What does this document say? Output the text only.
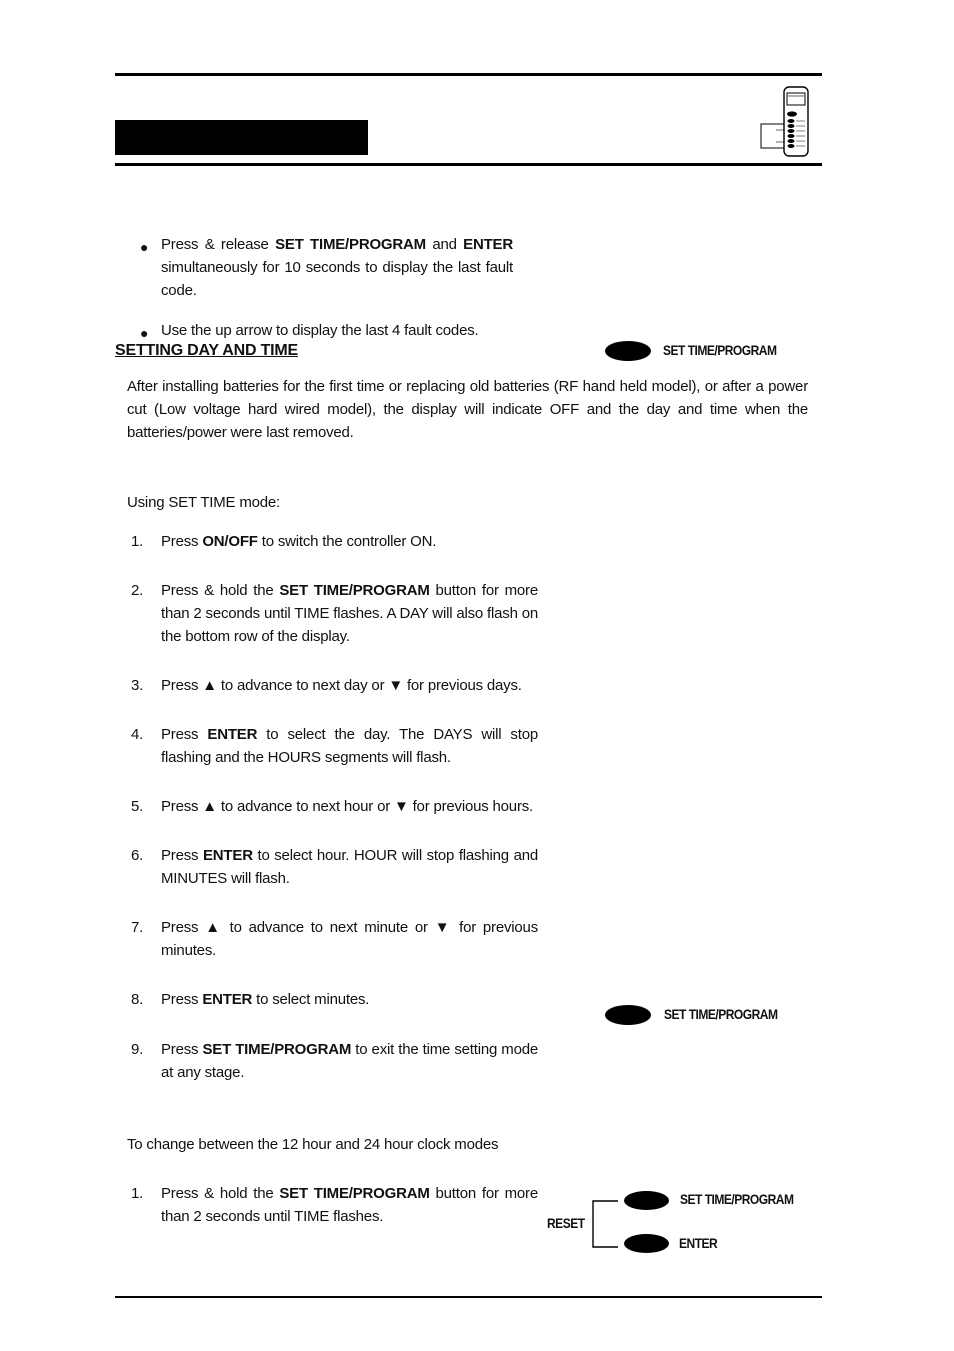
● Press & release SET TIME/PROGRAM and ENTER simultaneously for 10 seconds to display the last fault code.
● Use the up arrow to display the last 4 fault codes.
SETTING DAY AND TIME	SET TIME/PROGRAM
After installing batteries for the first time or replacing old batteries (RF hand held model), or after a power cut (Low voltage hard wired model), the display will indicate OFF and the day and time when the batteries/power were last removed.
Using SET TIME mode:
1.	Press ON/OFF to switch the controller ON.
2.	Press & hold the SET TIME/PROGRAM button for more than 2 seconds until TIME flashes. A DAY will also flash on the bottom row of the display.
3.	Press ▲ to advance to next day or ▼ for previous days.
4.	Press ENTER to select the day. The DAYS will stop flashing and the HOURS segments will flash.
5.	Press ▲ to advance to next hour or ▼ for previous hours.
6.	Press ENTER to select hour. HOUR will stop flashing and MINUTES will flash.
7.	Press ▲ to advance to next minute or ▼ for previous minutes.
8.	Press ENTER to select minutes.
9.	Press SET TIME/PROGRAM to exit the time setting mode at any stage.
SET TIME/PROGRAM
To change between the 12 hour and 24 hour clock modes
1.	Press & hold the SET TIME/PROGRAM button for more than 2 seconds until TIME flashes.	RESET
SET TIME/PROGRAM
ENTER
